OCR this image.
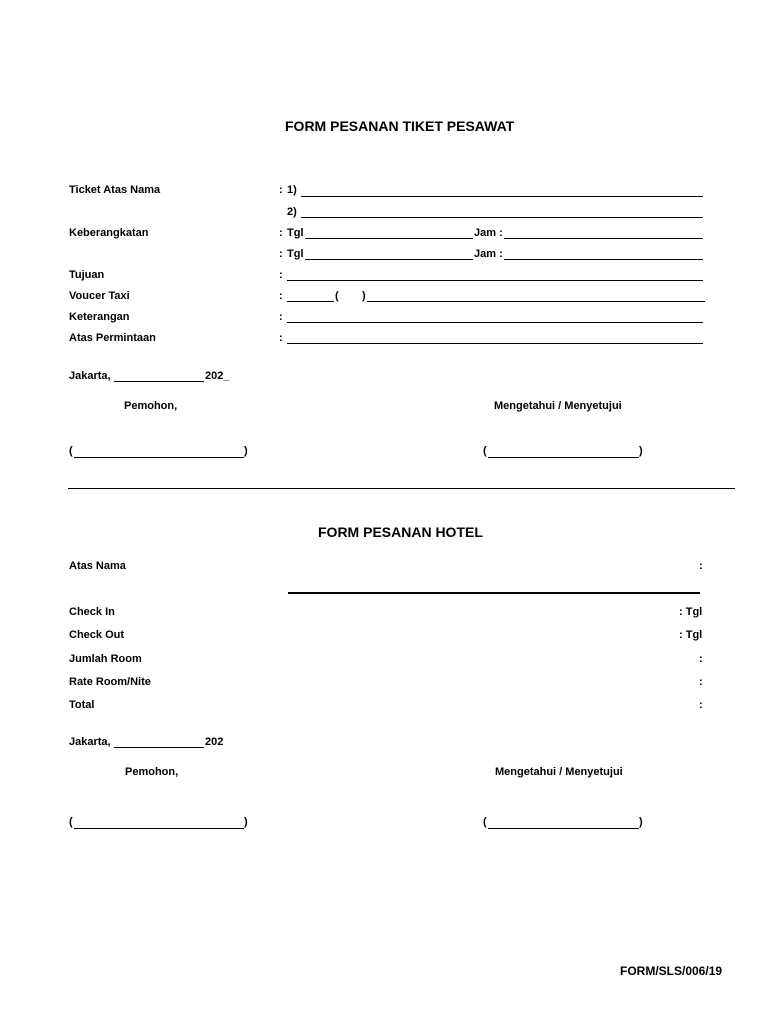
FORM PESANAN TIKET PESAWAT
Ticket Atas Nama	: 1)
2)
Keberangkatan	: Tgl	Jam :
: Tgl	Jam :
Tujuan	:
Voucer Taxi	:	( )
Keterangan	:
Atas Permintaan	:
Jakarta,	202_
Pemohon,	Mengetahui / Menyetujui
(	)	(	)
FORM PESANAN HOTEL
Atas Nama	:
Check In	: Tgl
Check Out	: Tgl
Jumlah Room	:
Rate Room/Nite	:
Total	:
Jakarta,	202
Pemohon,	Mengetahui / Menyetujui
(	)	(	)
FORM/SLS/006/19
